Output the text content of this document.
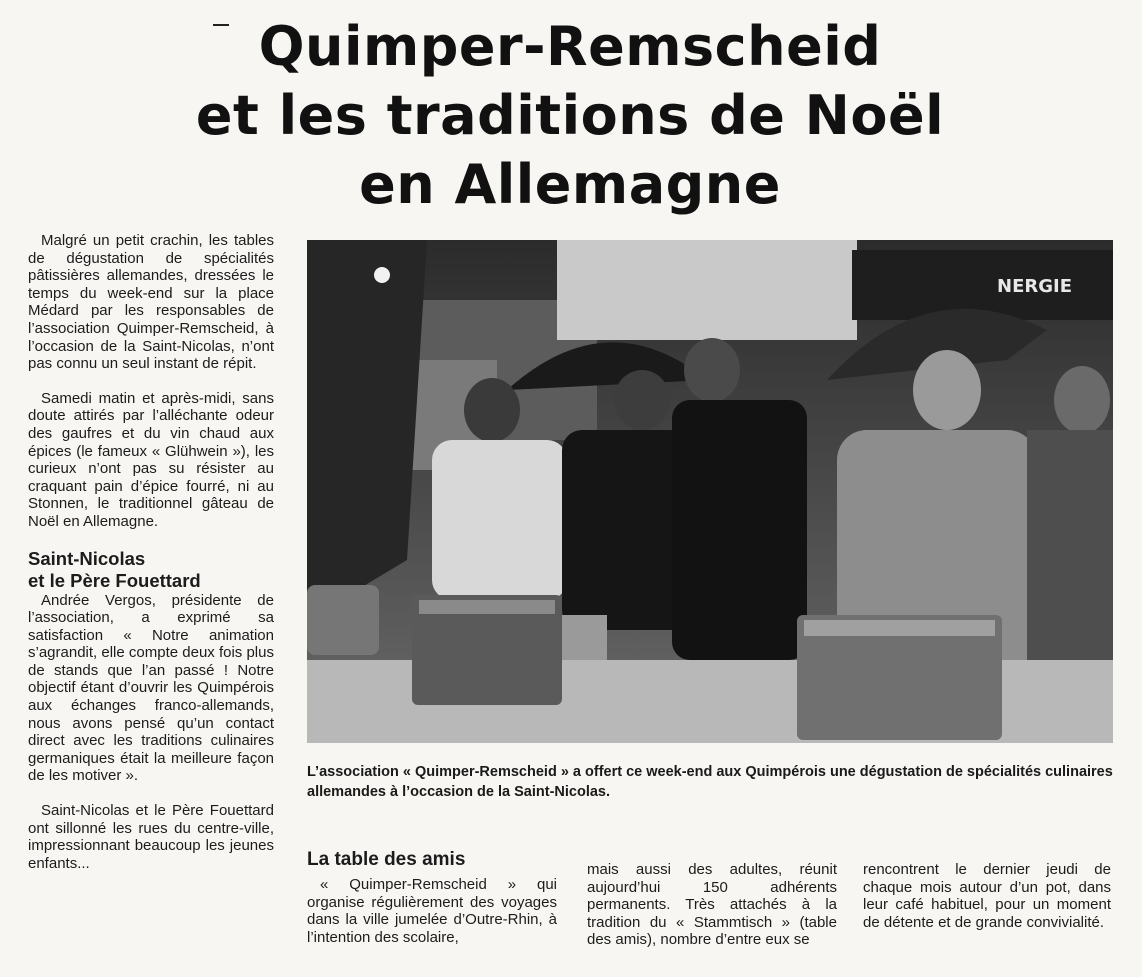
Quimper-Remscheid
et les traditions de Noël
en Allemagne

Malgré un petit crachin, les tables de dégustation de spécialités pâtissières allemandes, dressées le temps du week-end sur la place Médard par les responsables de l’association Quimper-Remscheid, à l’occasion de la Saint-Nicolas, n’ont pas connu un seul instant de répit.

Samedi matin et après-midi, sans doute attirés par l’alléchante odeur des gaufres et du vin chaud aux épices (le fameux « Glühwein »), les curieux n’ont pas su résister au craquant pain d’épice fourré, ni au Stonnen, le traditionnel gâteau de Noël en Allemagne.

Saint-Nicolas
et le Père Fouettard

Andrée Vergos, présidente de l’association, a exprimé sa satisfaction « Notre animation s’agrandit, elle compte deux fois plus de stands que l’an passé ! Notre objectif étant d’ouvrir les Quimpérois aux échanges franco-allemands, nous avons pensé qu’un contact direct avec les traditions culinaires germaniques était la meilleure façon de les motiver ».

Saint-Nicolas et le Père Fouettard ont sillonné les rues du centre-ville, impressionnant beaucoup les jeunes enfants...

NERGIE
L’association « Quimper-Remscheid » a offert ce week-end aux Quimpérois une dégustation de spécialités culinaires allemandes à l’occasion de la Saint-Nicolas.

La table des amis

« Quimper-Remscheid » qui organise régulièrement des voyages dans la ville jumelée d’Outre-Rhin, à l’intention des scolaire,

mais aussi des adultes, réunit aujourd’hui 150 adhérents permanents. Très attachés à la tradition du « Stammtisch » (table des amis), nombre d’entre eux se

rencontrent le dernier jeudi de chaque mois autour d’un pot, dans leur café habituel, pour un moment de détente et de grande convivialité.
